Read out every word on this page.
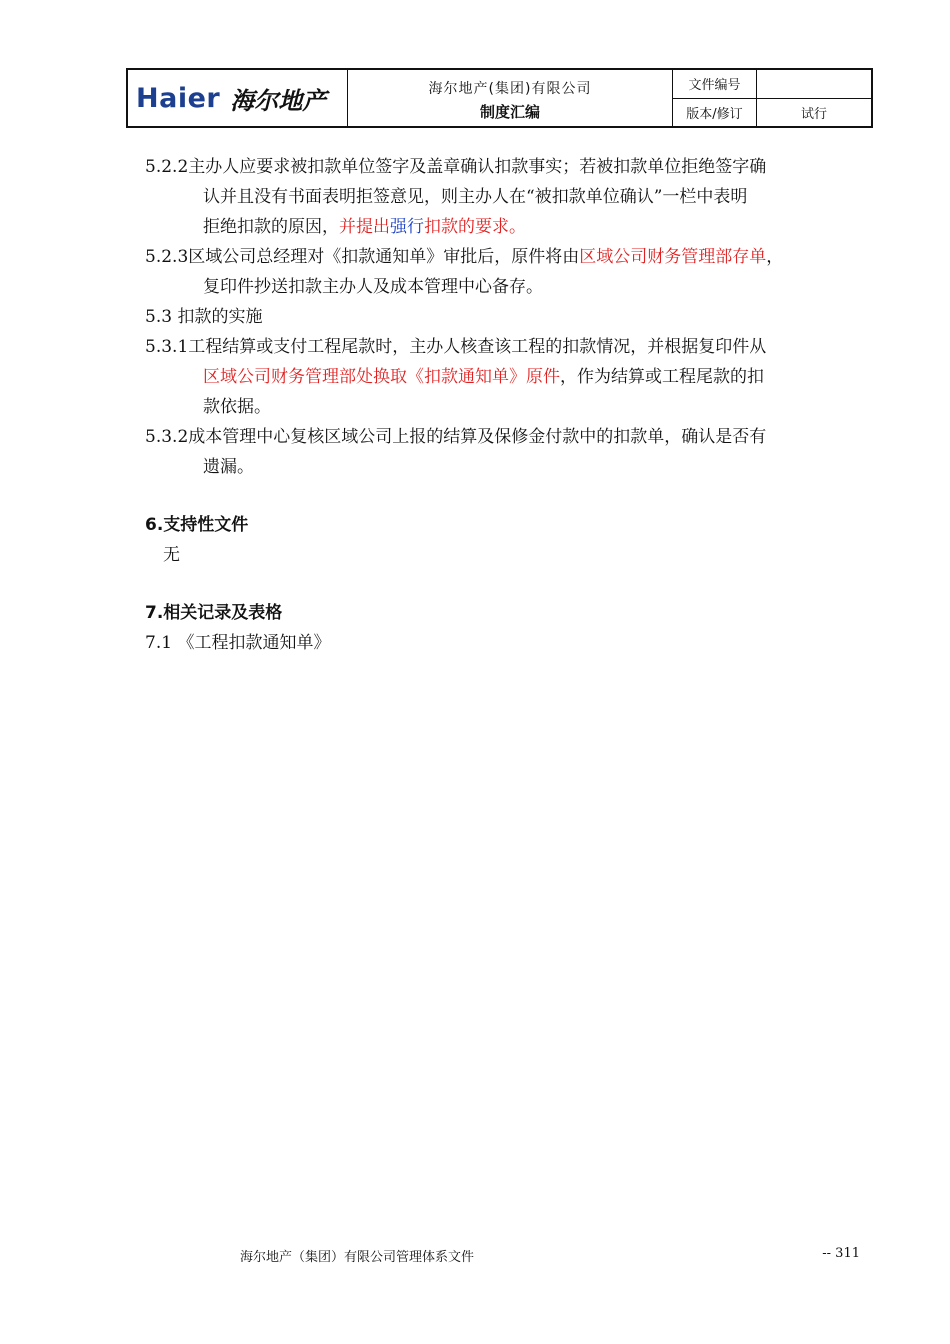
Haier 海尔地产	海尔地产(集团)有限公司
制度汇编
文件编号
版本/修订	试行
5.2.2主办人应要求被扣款单位签字及盖章确认扣款事实；若被扣款单位拒绝签字确
认并且没有书面表明拒签意见，则主办人在“被扣款单位确认”一栏中表明
拒绝扣款的原因，并提出强行扣款的要求。
5.2.3区域公司总经理对《扣款通知单》审批后，原件将由区域公司财务管理部存单，
复印件抄送扣款主办人及成本管理中心备存。
5.3 扣款的实施
5.3.1工程结算或支付工程尾款时，主办人核查该工程的扣款情况，并根据复印件从
区域公司财务管理部处换取《扣款通知单》原件，作为结算或工程尾款的扣
款依据。
5.3.2成本管理中心复核区域公司上报的结算及保修金付款中的扣款单，确认是否有
遗漏。
6.支持性文件
无
7.相关记录及表格
7.1 《工程扣款通知单》
海尔地产（集团）有限公司管理体系文件	-- 311
